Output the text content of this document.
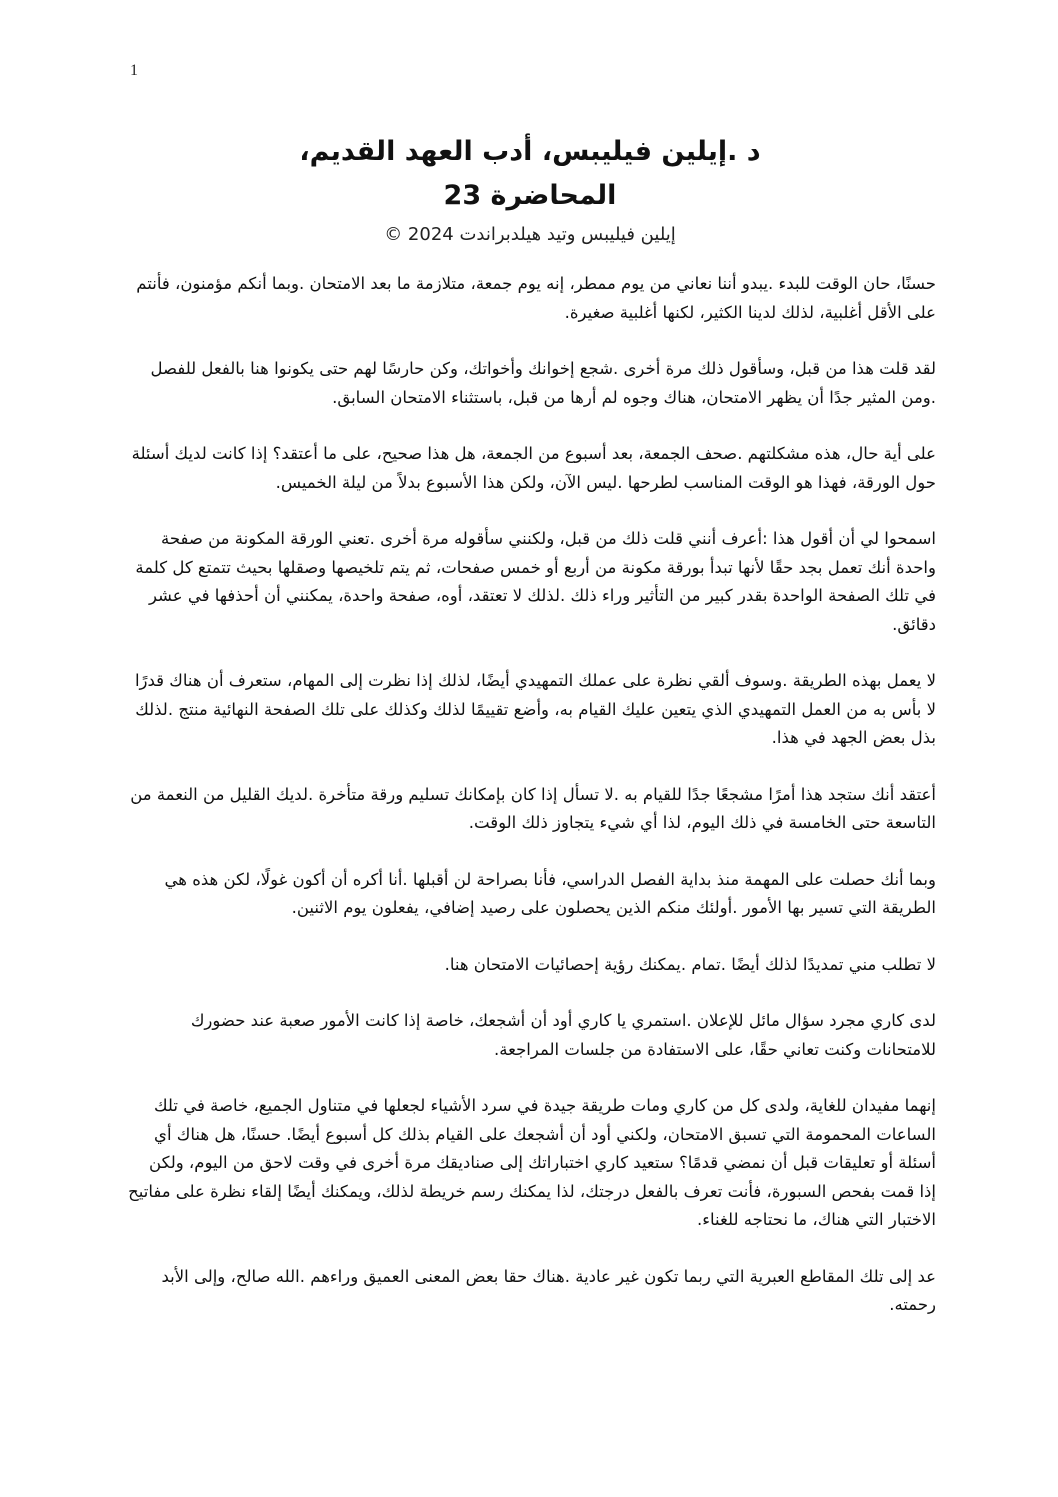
1
د .إيلين فيليبس، أدب العهد القديم،
المحاضرة 23
إيلين فيليبس وتيد هيلدبراندت 2024 ©

حسنًا، حان الوقت للبدء .يبدو أننا نعاني من يوم ممطر، إنه يوم جمعة، متلازمة ما بعد الامتحان .وبما أنكم مؤمنون، فأنتم على الأقل أغلبية، لذلك لدينا الكثير، لكنها أغلبية صغيرة.

لقد قلت هذا من قبل، وسأقول ذلك مرة أخرى .شجع إخوانك وأخواتك، وكن حارسًا لهم حتى يكونوا هنا بالفعل للفصل .ومن المثير جدًا أن يظهر الامتحان، هناك وجوه لم أرها من قبل، باستثناء الامتحان السابق.

على أية حال، هذه مشكلتهم .صحف الجمعة، بعد أسبوع من الجمعة، هل هذا صحيح، على ما أعتقد؟ إذا كانت لديك أسئلة حول الورقة، فهذا هو الوقت المناسب لطرحها .ليس الآن، ولكن هذا الأسبوع بدلاً من ليلة الخميس.

اسمحوا لي أن أقول هذا :أعرف أنني قلت ذلك من قبل، ولكنني سأقوله مرة أخرى .تعني الورقة المكونة من صفحة واحدة أنك تعمل بجد حقًا لأنها تبدأ بورقة مكونة من أربع أو خمس صفحات، ثم يتم تلخيصها وصقلها بحيث تتمتع كل كلمة في تلك الصفحة الواحدة بقدر كبير من التأثير وراء ذلك .لذلك لا تعتقد، أوه، صفحة واحدة، يمكنني أن أحذفها في عشر دقائق.

لا يعمل بهذه الطريقة .وسوف ألقي نظرة على عملك التمهيدي أيضًا، لذلك إذا نظرت إلى المهام، ستعرف أن هناك قدرًا لا بأس به من العمل التمهيدي الذي يتعين عليك القيام به، وأضع تقييمًا لذلك وكذلك على تلك الصفحة النهائية منتج .لذلك بذل بعض الجهد في هذا.

أعتقد أنك ستجد هذا أمرًا مشجعًا جدًا للقيام به .لا تسأل إذا كان بإمكانك تسليم ورقة متأخرة .لديك القليل من النعمة من التاسعة حتى الخامسة في ذلك اليوم، لذا أي شيء يتجاوز ذلك الوقت.

وبما أنك حصلت على المهمة منذ بداية الفصل الدراسي، فأنا بصراحة لن أقبلها .أنا أكره أن أكون غولًا، لكن هذه هي الطريقة التي تسير بها الأمور .أولئك منكم الذين يحصلون على رصيد إضافي، يفعلون يوم الاثنين.

لا تطلب مني تمديدًا لذلك أيضًا .تمام .يمكنك رؤية إحصائيات الامتحان هنا.

لدى كاري مجرد سؤال مائل للإعلان .استمري يا كاري أود أن أشجعك، خاصة إذا كانت الأمور صعبة عند حضورك للامتحانات وكنت تعاني حقًا، على الاستفادة من جلسات المراجعة.

إنهما مفيدان للغاية، ولدى كل من كاري ومات طريقة جيدة في سرد الأشياء لجعلها في متناول الجميع، خاصة في تلك الساعات المحمومة التي تسبق الامتحان، ولكني أود أن أشجعك على القيام بذلك كل أسبوع أيضًا. حسنًا، هل هناك أي أسئلة أو تعليقات قبل أن نمضي قدمًا؟ ستعيد كاري اختباراتك إلى صناديقك مرة أخرى في وقت لاحق من اليوم، ولكن إذا قمت بفحص السبورة، فأنت تعرف بالفعل درجتك، لذا يمكنك رسم خريطة لذلك، ويمكنك أيضًا إلقاء نظرة على مفاتيح الاختبار التي هناك، ما نحتاجه للغناء.

عد إلى تلك المقاطع العبرية التي ربما تكون غير عادية .هناك حقا بعض المعنى العميق وراءهم .الله صالح، وإلى الأبد رحمته.
